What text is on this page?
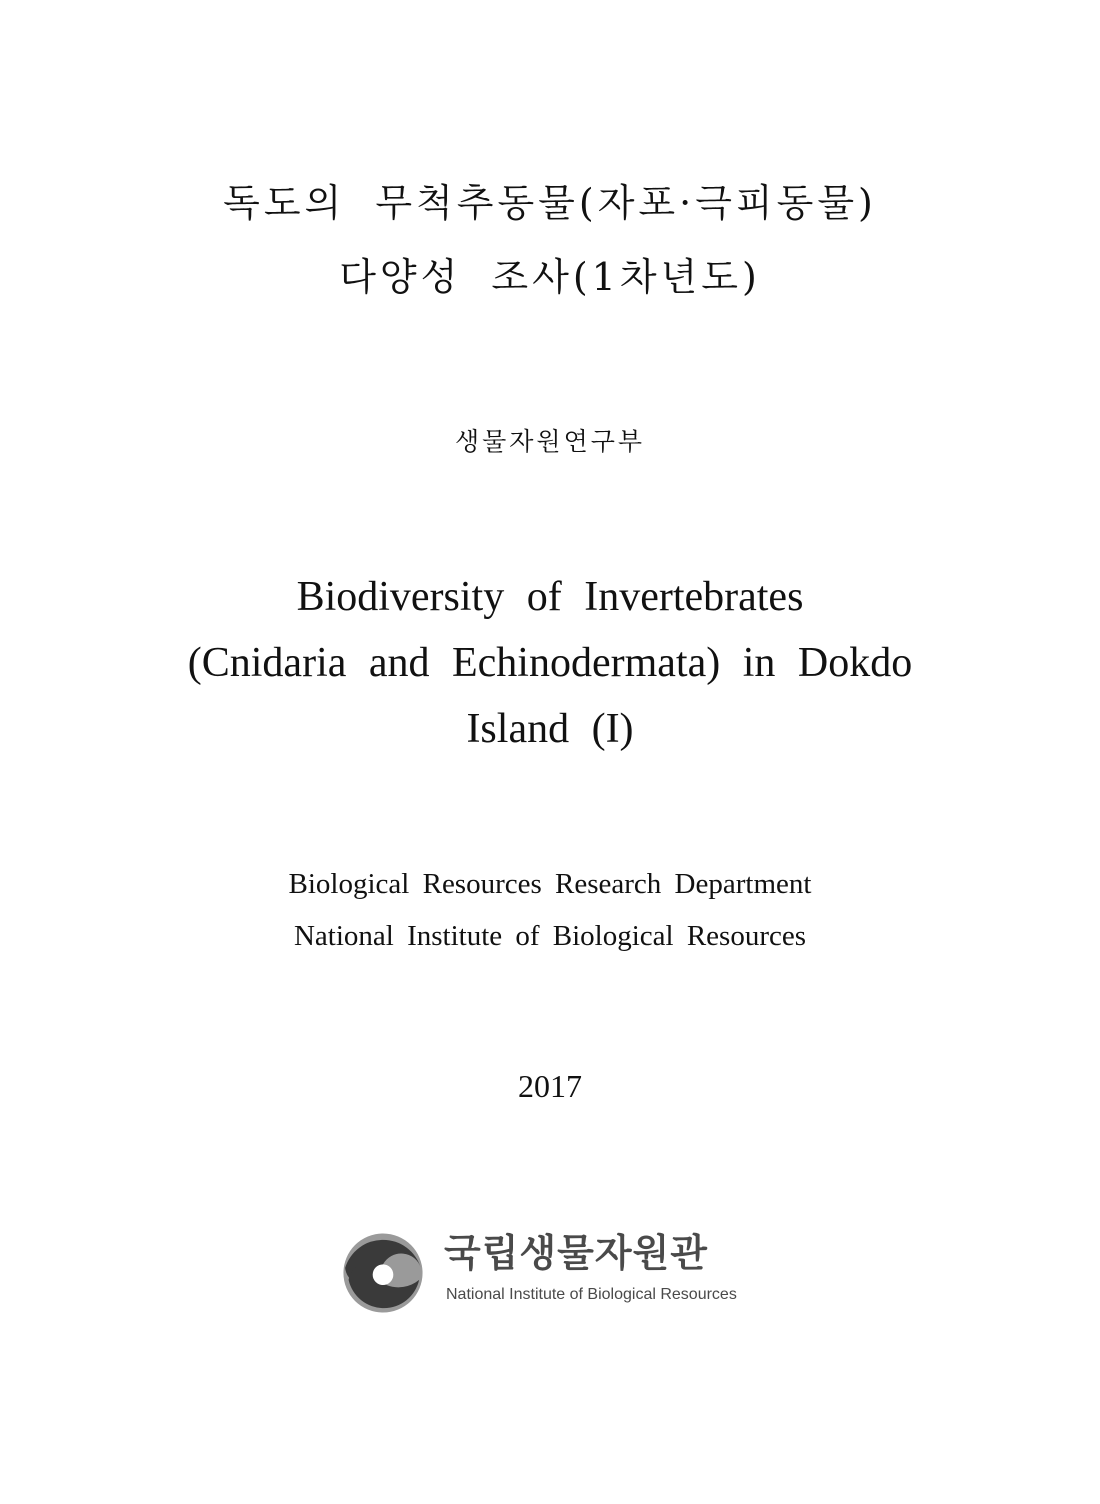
독도의 무척추동물(자포·극피동물)
다양성 조사(1차년도)
생물자원연구부
Biodiversity of Invertebrates
(Cnidaria and Echinodermata) in Dokdo
Island (I)
Biological Resources Research Department
National Institute of Biological Resources
2017
국립생물자원관
National Institute of Biological Resources
